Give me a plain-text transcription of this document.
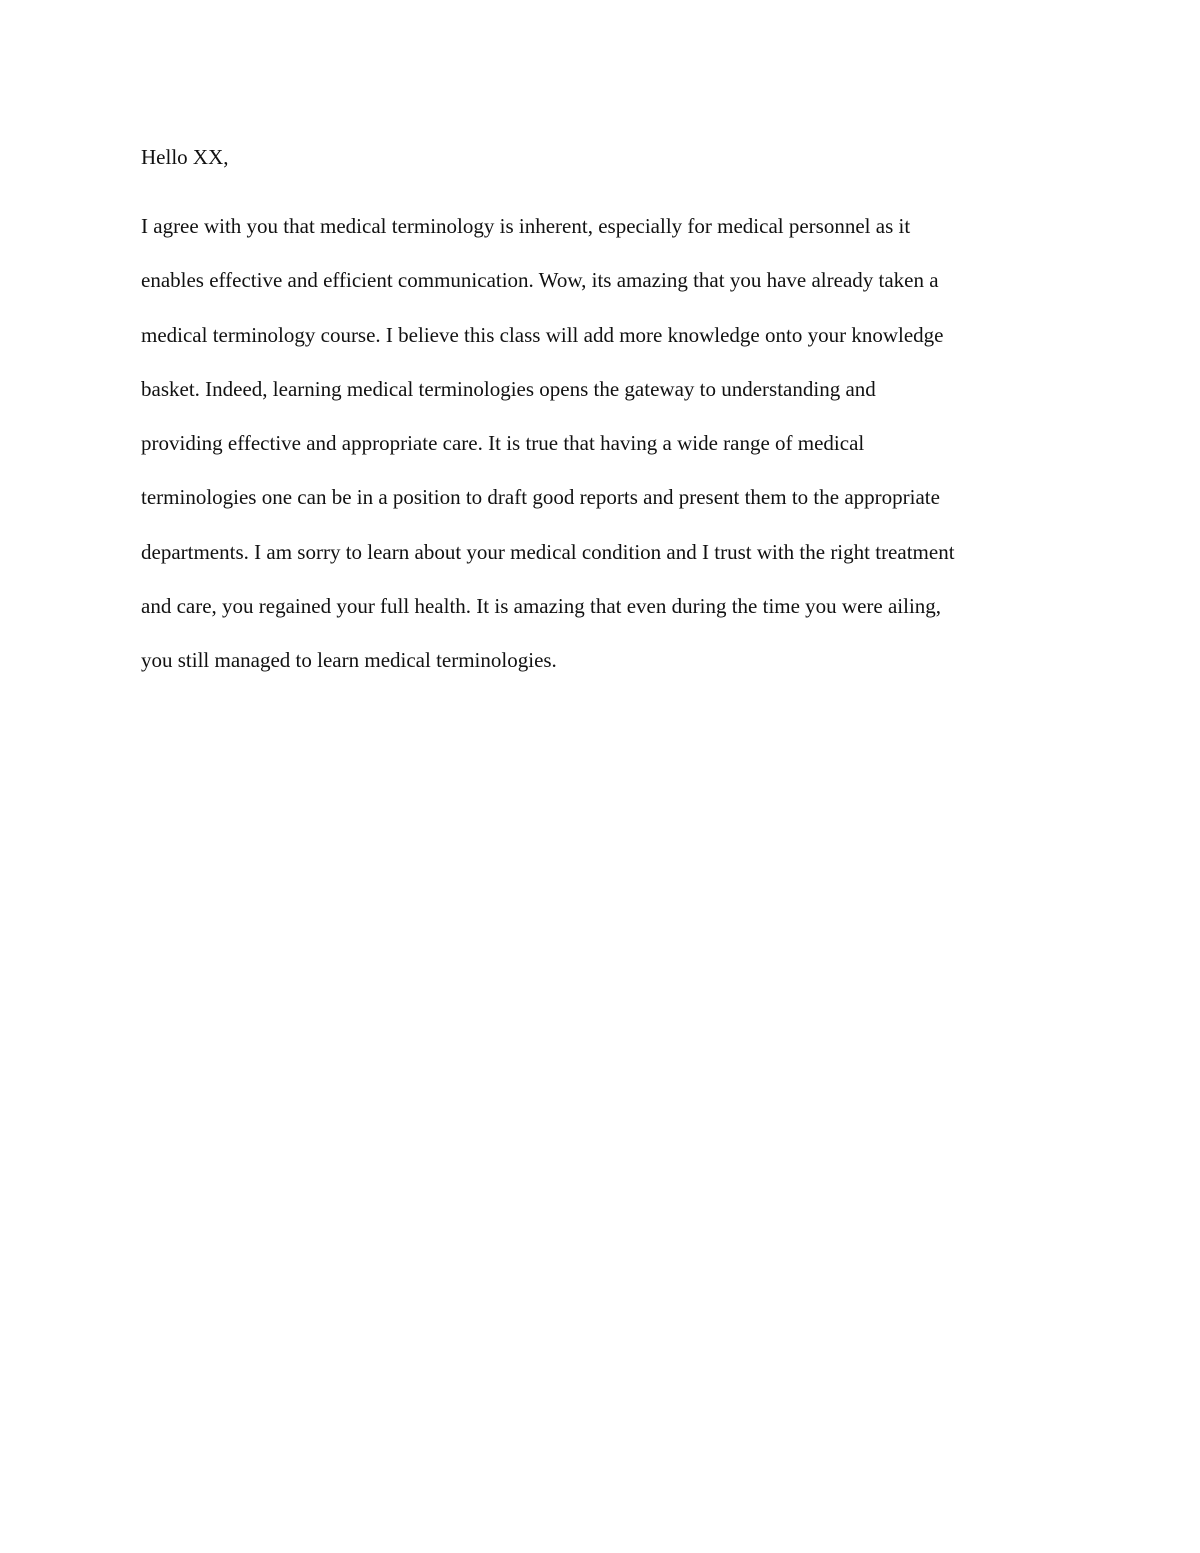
Hello XX,
I agree with you that medical terminology is inherent, especially for medical personnel as it
enables effective and efficient communication. Wow, its amazing that you have already taken a
medical terminology course. I believe this class will add more knowledge onto your knowledge
basket. Indeed, learning medical terminologies opens the gateway to understanding and
providing effective and appropriate care. It is true that having a wide range of medical
terminologies one can be in a position to draft good reports and present them to the appropriate
departments. I am sorry to learn about your medical condition and I trust with the right treatment
and care, you regained your full health. It is amazing that even during the time you were ailing,
you still managed to learn medical terminologies.
